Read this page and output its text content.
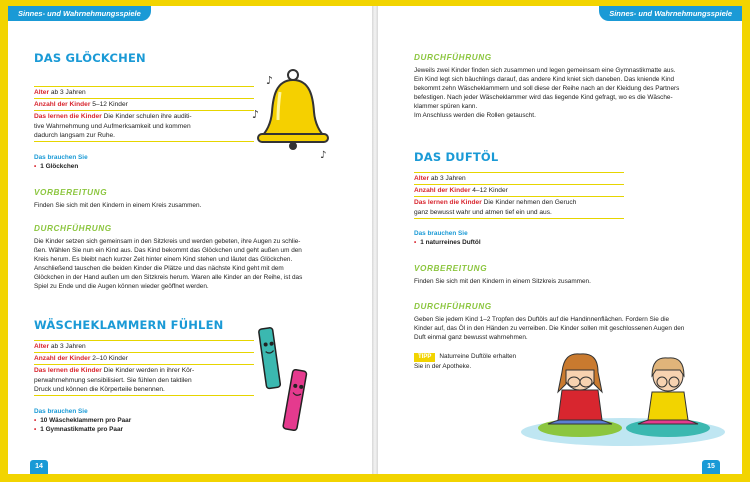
Sinnes- und Wahrnehmungsspiele
DAS GLÖCKCHEN
Alter ab 3 Jahren
Anzahl der Kinder 5–12 Kinder
Das lernen die Kinder Die Kinder schulen ihre auditi-
tive Wahrnehmung und Aufmerksamkeit und kommen
dadurch langsam zur Ruhe.
Das brauchen Sie
• 1 Glöckchen
VORBEREITUNG
Finden Sie sich mit den Kindern in einem Kreis zusammen.
DURCHFÜHRUNG
Die Kinder setzen sich gemeinsam in den Sitzkreis und werden gebeten, ihre Augen zu schlie-
ßen. Wählen Sie nun ein Kind aus. Das Kind bekommt das Glöckchen und geht außen um den
Kreis herum. Es bleibt nach kurzer Zeit hinter einem Kind stehen und läutet das Glöckchen.
Anschließend tauschen die beiden Kinder die Plätze und das nächste Kind geht mit dem
Glöckchen in der Hand außen um den Sitzkreis herum. Waren alle Kinder an der Reihe, ist das
Spiel zu Ende und die Augen können wieder geöffnet werden.
WÄSCHEKLAMMERN FÜHLEN
Alter ab 3 Jahren
Anzahl der Kinder 2–10 Kinder
Das lernen die Kinder Die Kinder werden in ihrer Kör-
perwahrnehmung sensibilisiert. Sie fühlen den taktilen
Druck und können die Körperteile benennen.
Das brauchen Sie
• 10 Wäscheklammern pro Paar
• 1 Gymnastikmatte pro Paar
♪
♪
♪
14
Sinnes- und Wahrnehmungsspiele
DURCHFÜHRUNG
Jeweils zwei Kinder finden sich zusammen und legen gemeinsam eine Gymnastikmatte aus.
Ein Kind legt sich bäuchlings darauf, das andere Kind kniet sich daneben. Das kniende Kind
bekommt zehn Wäscheklammern und soll diese der Reihe nach an der Kleidung des Partners
befestigen. Nach jeder Wäscheklammer wird das liegende Kind gefragt, wo es die Wäsche-
klammer spüren kann.
Im Anschluss werden die Rollen getauscht.
DAS DUFTÖL
Alter ab 3 Jahren
Anzahl der Kinder 4–12 Kinder
Das lernen die Kinder Die Kinder nehmen den Geruch
ganz bewusst wahr und atmen tief ein und aus.
Das brauchen Sie
• 1 naturreines Duftöl
VORBEREITUNG
Finden Sie sich mit den Kindern in einem Sitzkreis zusammen.
DURCHFÜHRUNG
Geben Sie jedem Kind 1–2 Tropfen des Duftöls auf die Handinnenflächen. Fordern Sie die
Kinder auf, das Öl in den Händen zu verreiben. Die Kinder sollen mit geschlossenen Augen den
Duft einmal ganz bewusst wahrnehmen.
TIPP Naturreine Duftöle erhalten
Sie in der Apotheke.
15
